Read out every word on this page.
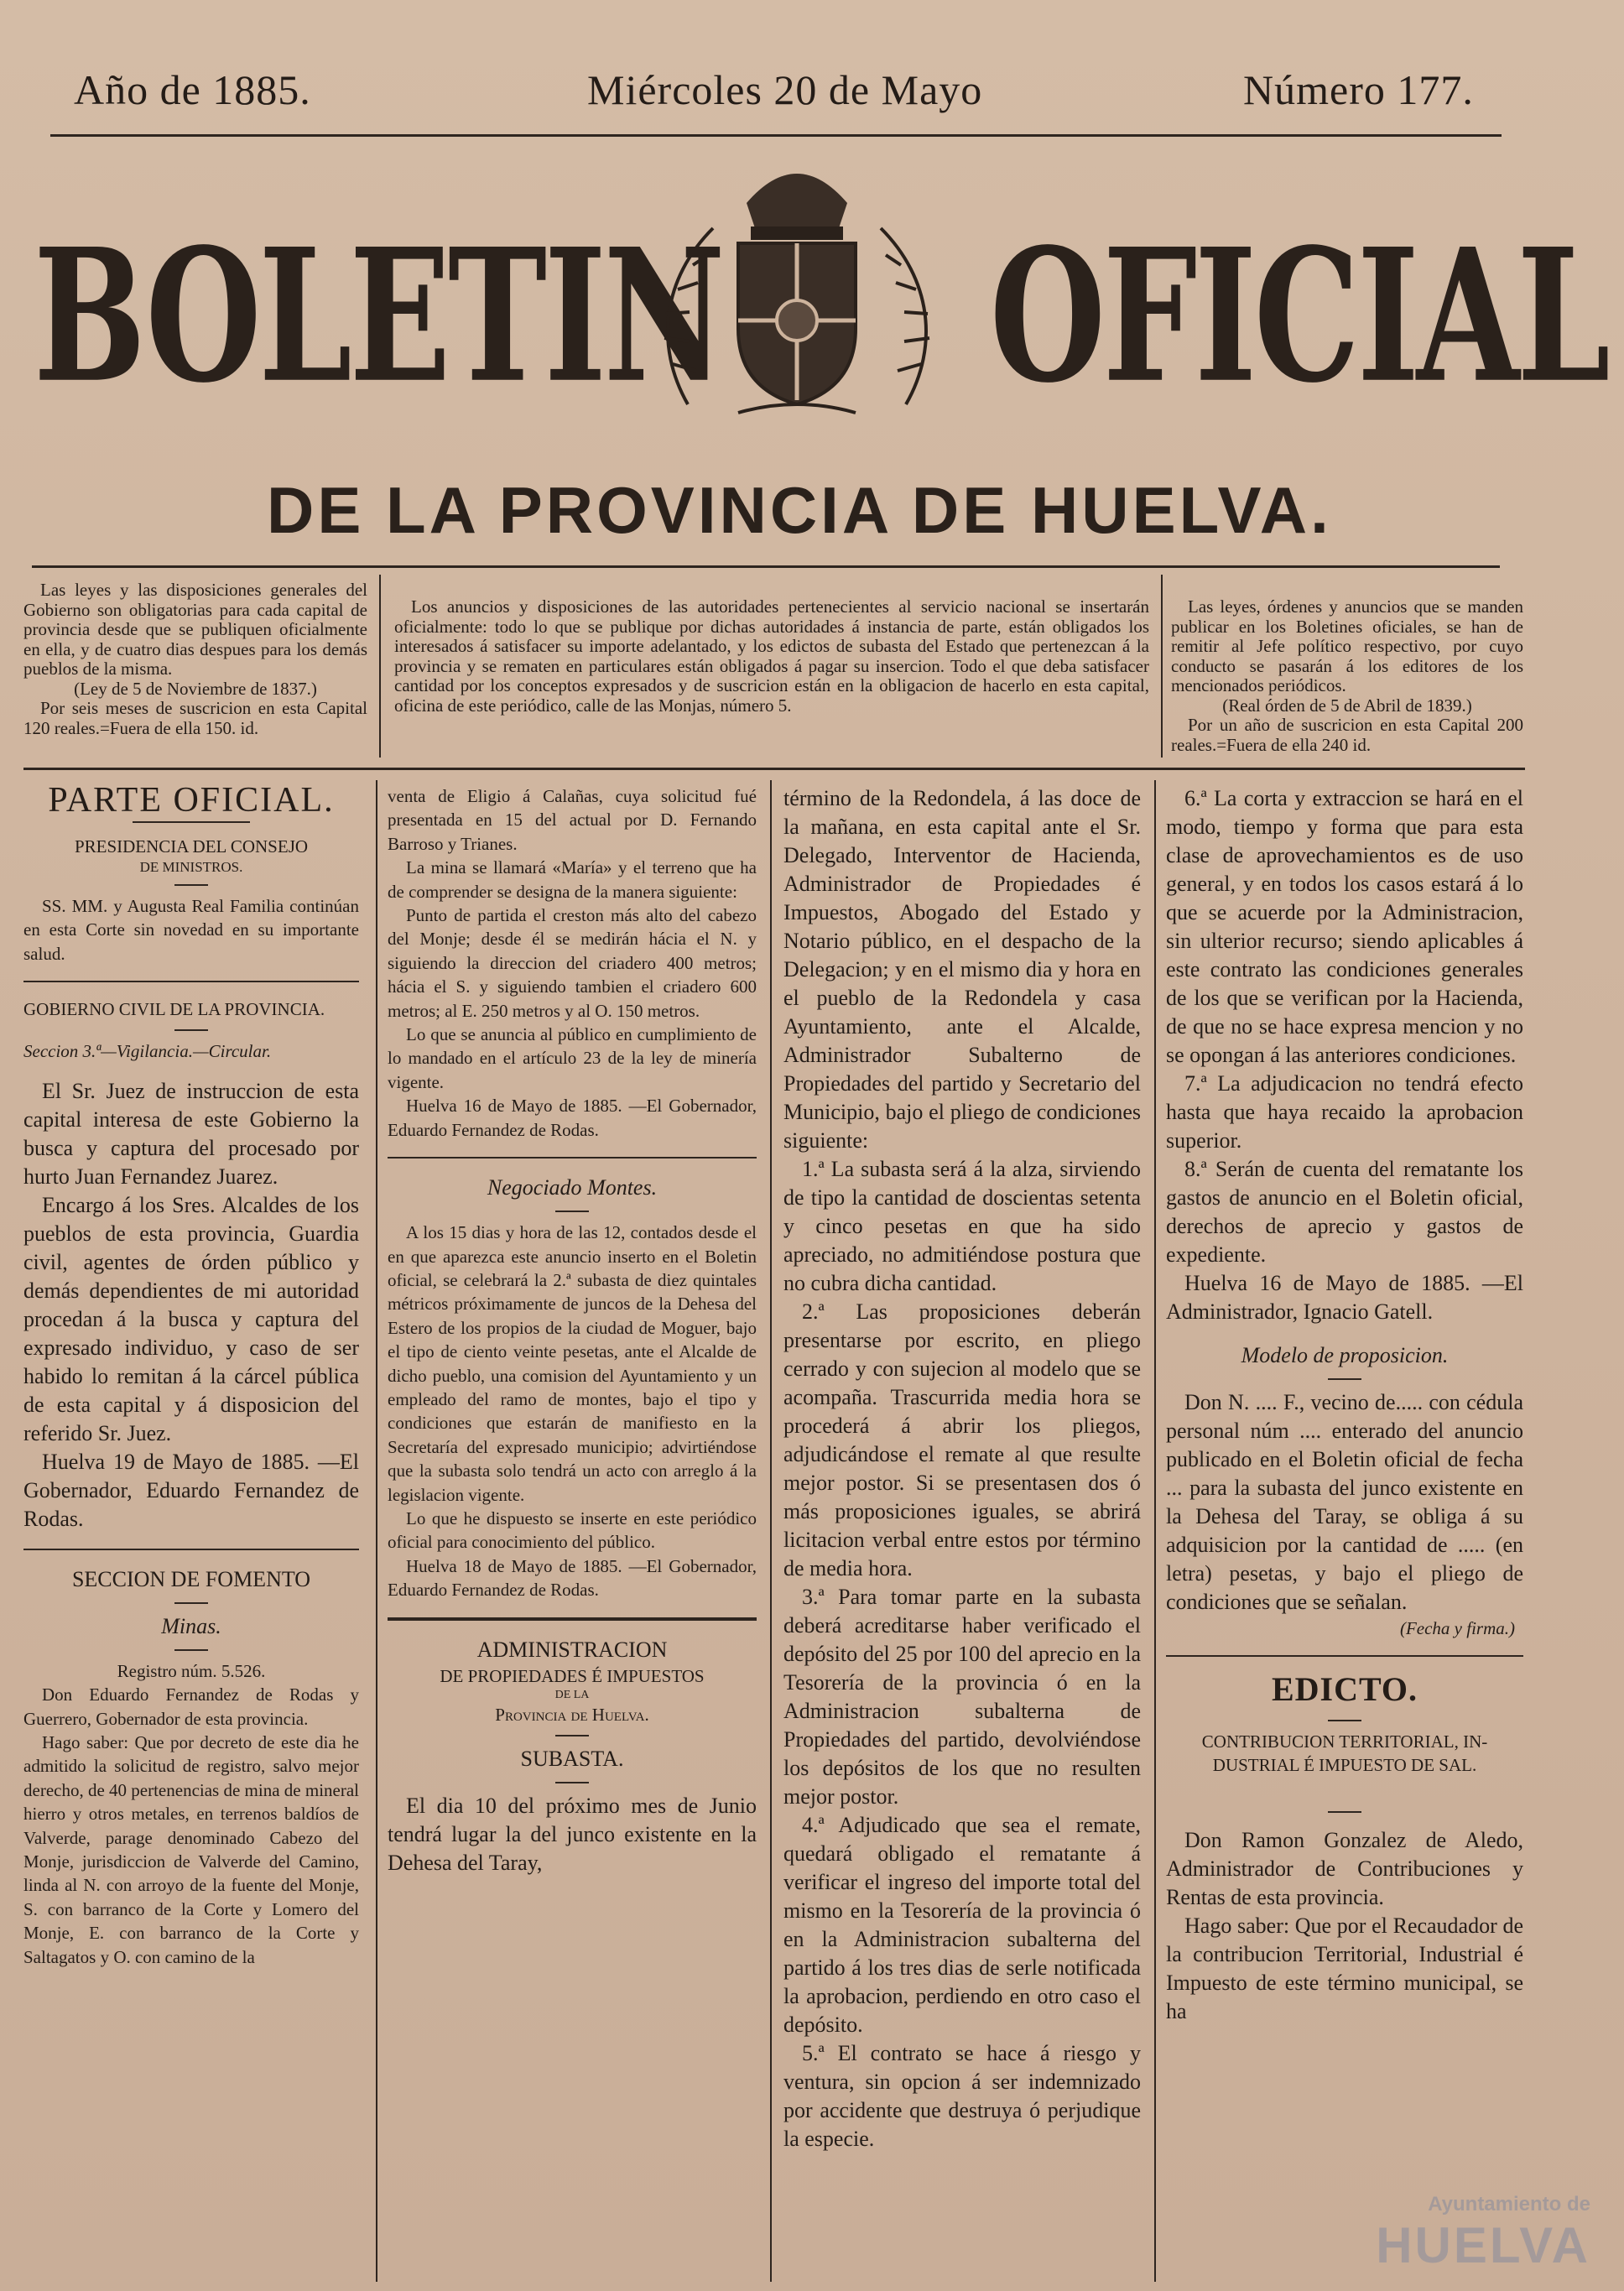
Año de 1885.	Miércoles 20 de Mayo	Número 177.
BOLETIN OFICIAL
DE LA PROVINCIA DE HUELVA.

Las leyes y las disposiciones generales del Gobierno son obligatorias para cada capital de provincia desde que se publiquen oficialmente en ella, y de cuatro dias despues para los demás pueblos de la misma.

(Ley de 5 de Noviembre de 1837.)

Por seis meses de suscricion en esta Capital 120 reales.=Fuera de ella 150. id.

Los anuncios y disposiciones de las autoridades pertenecientes al servicio nacional se insertarán oficialmente: todo lo que se publique por dichas autoridades á instancia de parte, están obligados los interesados á satisfacer su importe adelantado, y los edictos de subasta del Estado que pertenezcan á la provincia y se rematen en particulares están obligados á pagar su insercion. Todo el que deba satisfacer cantidad por los conceptos expresados y de suscricion están en la obligacion de hacerlo en esta capital, oficina de este periódico, calle de las Monjas, número 5.

Las leyes, órdenes y anuncios que se manden publicar en los Boletines oficiales, se han de remitir al Jefe político respectivo, por cuyo conducto se pasarán á los editores de los mencionados periódicos.

(Real órden de 5 de Abril de 1839.)

Por un año de suscricion en esta Capital 200 reales.=Fuera de ella 240 id.

PARTE OFICIAL.

PRESIDENCIA DEL CONSEJO

DE MINISTROS.

SS. MM. y Augusta Real Familia continúan en esta Corte sin novedad en su importante salud.

GOBIERNO CIVIL DE LA PROVINCIA.

Seccion 3.ª—Vigilancia.—Circular.

El Sr. Juez de instruccion de esta capital interesa de este Gobierno la busca y captura del procesado por hurto Juan Fernandez Juarez.

Encargo á los Sres. Alcaldes de los pueblos de esta provincia, Guardia civil, agentes de órden público y demás dependientes de mi autoridad procedan á la busca y captura del expresado individuo, y caso de ser habido lo remitan á la cárcel pública de esta capital y á disposicion del referido Sr. Juez.

Huelva 19 de Mayo de 1885. —El Gobernador, Eduardo Fernandez de Rodas.

SECCION DE FOMENTO

Minas.

Registro núm. 5.526.

Don Eduardo Fernandez de Rodas y Guerrero, Gobernador de esta provincia.

Hago saber: Que por decreto de este dia he admitido la solicitud de registro, salvo mejor derecho, de 40 pertenencias de mina de mineral hierro y otros metales, en terrenos baldíos de Valverde, parage denominado Cabezo del Monje, jurisdiccion de Valverde del Camino, linda al N. con arroyo de la fuente del Monje, S. con barranco de la Corte y Lomero del Monje, E. con barranco de la Corte y Saltagatos y O. con camino de la

venta de Eligio á Calañas, cuya solicitud fué presentada en 15 del actual por D. Fernando Barroso y Trianes.

La mina se llamará «María» y el terreno que ha de comprender se designa de la manera siguiente:

Punto de partida el creston más alto del cabezo del Monje; desde él se medirán hácia el N. y siguiendo la direccion del criadero 400 metros; hácia el S. y siguiendo tambien el criadero 600 metros; al E. 250 metros y al O. 150 metros.

Lo que se anuncia al público en cumplimiento de lo mandado en el artículo 23 de la ley de minería vigente.

Huelva 16 de Mayo de 1885. —El Gobernador, Eduardo Fernandez de Rodas.

Negociado Montes.

A los 15 dias y hora de las 12, contados desde el en que aparezca este anuncio inserto en el Boletin oficial, se celebrará la 2.ª subasta de diez quintales métricos próximamente de juncos de la Dehesa del Estero de los propios de la ciudad de Moguer, bajo el tipo de ciento veinte pesetas, ante el Alcalde de dicho pueblo, una comision del Ayuntamiento y un empleado del ramo de montes, bajo el tipo y condiciones que estarán de manifiesto en la Secretaría del expresado municipio; advirtiéndose que la subasta solo tendrá un acto con arreglo á la legislacion vigente.

Lo que he dispuesto se inserte en este periódico oficial para conocimiento del público.

Huelva 18 de Mayo de 1885. —El Gobernador, Eduardo Fernandez de Rodas.

ADMINISTRACION

DE PROPIEDADES É IMPUESTOS

DE LA

Provincia de Huelva.

SUBASTA.

El dia 10 del próximo mes de Junio tendrá lugar la del junco existente en la Dehesa del Taray,

término de la Redondela, á las doce de la mañana, en esta capital ante el Sr. Delegado, Interventor de Hacienda, Administrador de Propiedades é Impuestos, Abogado del Estado y Notario público, en el despacho de la Delegacion; y en el mismo dia y hora en el pueblo de la Redondela y casa Ayuntamiento, ante el Alcalde, Administrador Subalterno de Propiedades del partido y Secretario del Municipio, bajo el pliego de condiciones siguiente:

1.ª La subasta será á la alza, sirviendo de tipo la cantidad de doscientas setenta y cinco pesetas en que ha sido apreciado, no admitiéndose postura que no cubra dicha cantidad.

2.ª Las proposiciones deberán presentarse por escrito, en pliego cerrado y con sujecion al modelo que se acompaña. Trascurrida media hora se procederá á abrir los pliegos, adjudicándose el remate al que resulte mejor postor. Si se presentasen dos ó más proposiciones iguales, se abrirá licitacion verbal entre estos por término de media hora.

3.ª Para tomar parte en la subasta deberá acreditarse haber verificado el depósito del 25 por 100 del aprecio en la Tesorería de la provincia ó en la Administracion subalterna de Propiedades del partido, devolviéndose los depósitos de los que no resulten mejor postor.

4.ª Adjudicado que sea el remate, quedará obligado el rematante á verificar el ingreso del importe total del mismo en la Tesorería de la provincia ó en la Administracion subalterna del partido á los tres dias de serle notificada la aprobacion, perdiendo en otro caso el depósito.

5.ª El contrato se hace á riesgo y ventura, sin opcion á ser indemnizado por accidente que destruya ó perjudique la especie.

6.ª La corta y extraccion se hará en el modo, tiempo y forma que para esta clase de aprovechamientos es de uso general, y en todos los casos estará á lo que se acuerde por la Administracion, sin ulterior recurso; siendo aplicables á este contrato las condiciones generales de los que se verifican por la Hacienda, de que no se hace expresa mencion y no se opongan á las anteriores condiciones.

7.ª La adjudicacion no tendrá efecto hasta que haya recaido la aprobacion superior.

8.ª Serán de cuenta del rematante los gastos de anuncio en el Boletin oficial, derechos de aprecio y gastos de expediente.

Huelva 16 de Mayo de 1885. —El Administrador, Ignacio Gatell.

Modelo de proposicion.

Don N. .... F., vecino de..... con cédula personal núm .... enterado del anuncio publicado en el Boletin oficial de fecha ... para la subasta del junco existente en la Dehesa del Taray, se obliga á su adquisicion por la cantidad de ..... (en letra) pesetas, y bajo el pliego de condiciones que se señalan.

(Fecha y firma.)

EDICTO.

CONTRIBUCION TERRITORIAL, IN-

DUSTRIAL É IMPUESTO DE SAL.

Don Ramon Gonzalez de Aledo, Administrador de Contribuciones y Rentas de esta provincia.

Hago saber: Que por el Recaudador de la contribucion Territorial, Industrial é Impuesto de este término municipal, se ha

Ayuntamiento de
HUELVA
